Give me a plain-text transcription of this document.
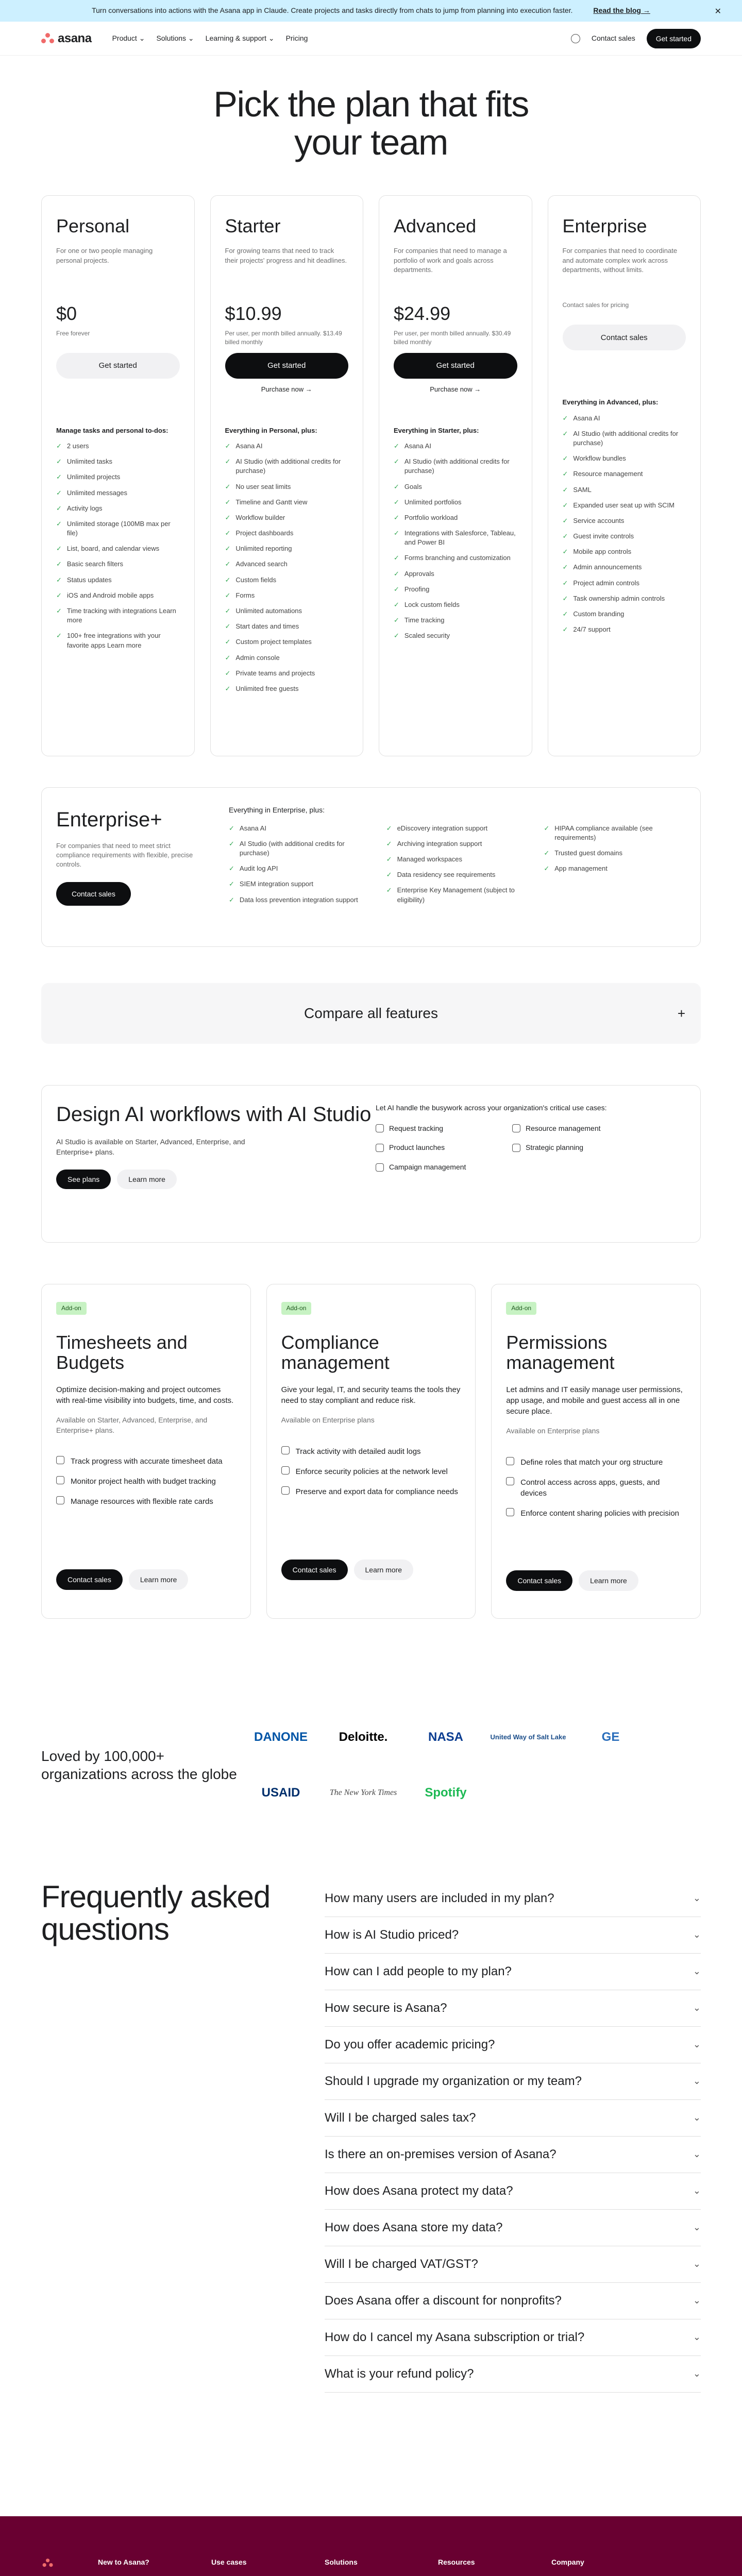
Turn conversations into actions with the Asana app in Claude. Create projects and tasks directly from chats to jump from planning into execution faster.	Read the blog →	✕
asana	Product ⌄ Solutions ⌄ Learning & support ⌄ Pricing	Contact sales	Get started
Pick the plan that fits your team
Personal
For one or two people managing personal projects.
$0
Free forever
Get started
Manage tasks and personal to-dos:
✓ 2 users
✓ Unlimited tasks
✓ Unlimited projects
✓ Unlimited messages
✓ Activity logs
✓ Unlimited storage (100MB max per file)
✓ List, board, and calendar views
✓ Basic search filters
✓ Status updates
✓ iOS and Android mobile apps
✓ Time tracking with integrations Learn more
✓ 100+ free integrations with your favorite apps Learn more
Starter
For growing teams that need to track their projects' progress and hit deadlines.
$10.99
Per user, per month billed annually. $13.49 billed monthly
Get started
Purchase now →
Everything in Personal, plus:
✓ Asana AI
✓ AI Studio (with additional credits for purchase)
✓ No user seat limits
✓ Timeline and Gantt view
✓ Workflow builder
✓ Project dashboards
✓ Unlimited reporting
✓ Advanced search
✓ Custom fields
✓ Forms
✓ Unlimited automations
✓ Start dates and times
✓ Custom project templates
✓ Admin console
✓ Private teams and projects
✓ Unlimited free guests
Advanced
For companies that need to manage a portfolio of work and goals across departments.
$24.99
Per user, per month billed annually. $30.49 billed monthly
Get started
Purchase now →
Everything in Starter, plus:
✓ Asana AI
✓ AI Studio (with additional credits for purchase)
✓ Goals
✓ Unlimited portfolios
✓ Portfolio workload
✓ Integrations with Salesforce, Tableau, and Power BI
✓ Forms branching and customization
✓ Approvals
✓ Proofing
✓ Lock custom fields
✓ Time tracking
✓ Scaled security
Enterprise
For companies that need to coordinate and automate complex work across departments, without limits.
Contact sales for pricing
Contact sales
Everything in Advanced, plus:
✓ Asana AI
✓ AI Studio (with additional credits for purchase)
✓ Workflow bundles
✓ Resource management
✓ SAML
✓ Expanded user seat up with SCIM
✓ Service accounts
✓ Guest invite controls
✓ Mobile app controls
✓ Admin announcements
✓ Project admin controls
✓ Task ownership admin controls
✓ Custom branding
✓ 24/7 support
Enterprise+

For companies that need to meet strict compliance requirements with flexible, precise controls.

Contact sales
Everything in Enterprise, plus:
✓ Asana AI
✓ AI Studio (with additional credits for purchase)
✓ Audit log API
✓ SIEM integration support
✓ Data loss prevention integration support
✓ eDiscovery integration support
✓ Archiving integration support
✓ Managed workspaces
✓ Data residency see requirements
✓ Enterprise Key Management (subject to eligibility)
✓ HIPAA compliance available (see requirements)
✓ Trusted guest domains
✓ App management
Compare all features	+
Design AI workflows with AI Studio

AI Studio is available on Starter, Advanced, Enterprise, and Enterprise+ plans.

See plans	Learn more
Let AI handle the busywork across your organization's critical use cases:
Request tracking	Resource management
Product launches	Strategic planning
Campaign management
Add-on
Timesheets and Budgets

Optimize decision-making and project outcomes with real-time visibility into budgets, time, and costs.

Available on Starter, Advanced, Enterprise, and Enterprise+ plans.
Track progress with accurate timesheet data
Monitor project health with budget tracking
Manage resources with flexible rate cards
Contact sales	Learn more
Add-on
Compliance management

Give your legal, IT, and security teams the tools they need to stay compliant and reduce risk.

Available on Enterprise plans
Track activity with detailed audit logs
Enforce security policies at the network level
Preserve and export data for compliance needs
Contact sales	Learn more
Add-on
Permissions management

Let admins and IT easily manage user permissions, app usage, and mobile and guest access all in one secure place.

Available on Enterprise plans
Define roles that match your org structure
Control access across apps, guests, and devices
Enforce content sharing policies with precision
Contact sales	Learn more
Loved by 100,000+ organizations across the globe
DANONE	Deloitte.	NASA	United Way of Salt Lake	GE
USAID	The New York Times	Spotify
Frequently asked questions
How many users are included in my plan?	⌄
How is AI Studio priced?	⌄
How can I add people to my plan?	⌄
How secure is Asana?	⌄
Do you offer academic pricing?	⌄
Should I upgrade my organization or my team?	⌄
Will I be charged sales tax?	⌄
Is there an on-premises version of Asana?	⌄
How does Asana protect my data?	⌄
How does Asana store my data?	⌄
Will I be charged VAT/GST?	⌄
Does Asana offer a discount for nonprofits?	⌄
How do I cancel my Asana subscription or trial?	⌄
What is your refund policy?	⌄
New to Asana?	Use cases	Solutions	Resources	Company
